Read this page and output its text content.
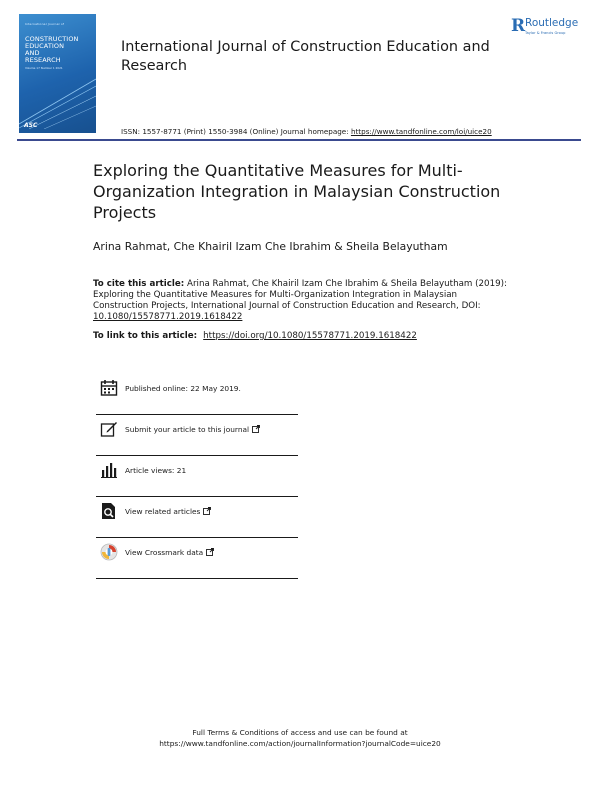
International Journal of
CONSTRUCTION
EDUCATION
AND
RESEARCH
Volume 17 Number 1 2021
ASC
International Journal of Construction Education and Research
ISSN: 1557-8771 (Print) 1550-3984 (Online) Journal homepage: https://www.tandfonline.com/loi/uice20
R Routledge
Taylor & Francis Group
Exploring the Quantitative Measures for Multi-Organization Integration in Malaysian Construction Projects
Arina Rahmat, Che Khairil Izam Che Ibrahim & Sheila Belayutham
To cite this article: Arina Rahmat, Che Khairil Izam Che Ibrahim & Sheila Belayutham (2019): Exploring the Quantitative Measures for Multi-Organization Integration in Malaysian Construction Projects, International Journal of Construction Education and Research, DOI: 10.1080/15578771.2019.1618422
To link to this article: https://doi.org/10.1080/15578771.2019.1618422
Published online: 22 May 2019.
Submit your article to this journal
Article views: 21
View related articles
View Crossmark data
Full Terms & Conditions of access and use can be found at
https://www.tandfonline.com/action/journalInformation?journalCode=uice20
